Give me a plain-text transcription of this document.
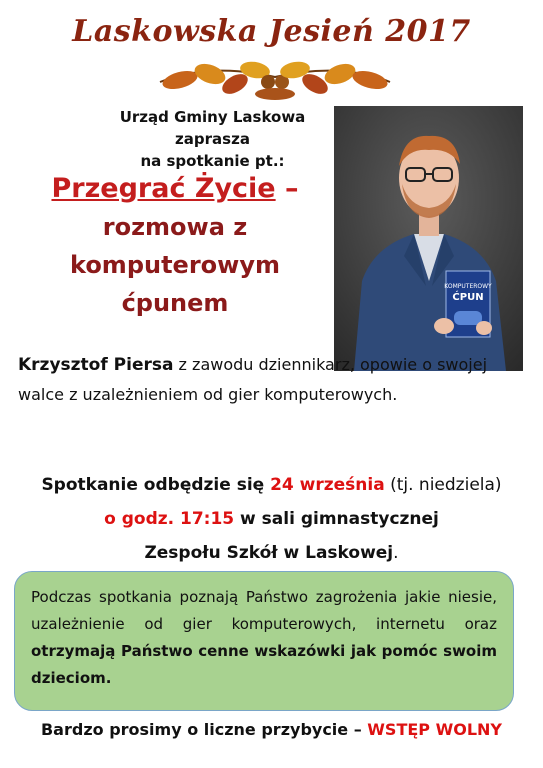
Laskowska Jesień 2017
Urząd Gminy Laskowa zaprasza
na spotkanie pt.:
Przegrać Życie –
rozmowa z
komputerowym
ćpunem
KOMPUTEROWY
ĆPUN
Krzysztof Piersa z zawodu dziennikarz, opowie o swojej walce z uzależnieniem od gier komputerowych.
Spotkanie odbędzie się 24 września (tj. niedziela)
o godz. 17:15 w sali gimnastycznej
Zespołu Szkół w Laskowej.

Podczas spotkania poznają Państwo zagrożenia jakie niesie, uzależnienie od gier komputerowych, internetu oraz otrzymają Państwo cenne wskazówki jak pomóc swoim dzieciom.

Bardzo prosimy o liczne przybycie – WSTĘP WOLNY
